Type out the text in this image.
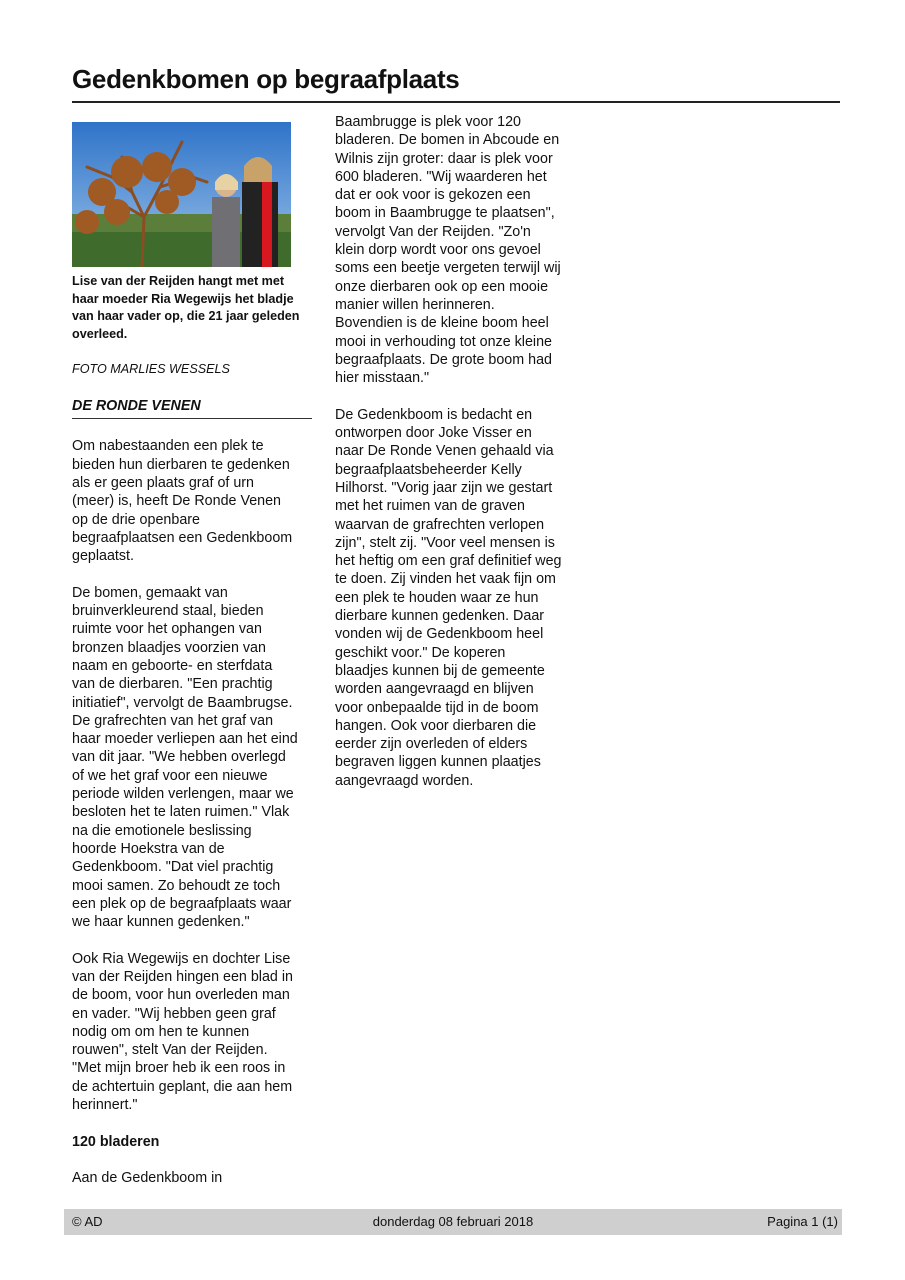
Gedenkbomen op begraafplaats

Lise van der Reijden hangt met met
haar moeder Ria Wegewijs het bladje
van haar vader op, die 21 jaar geleden
overleed.

FOTO MARLIES WESSELS

DE RONDE VENEN

Om nabestaanden een plek te
bieden hun dierbaren te gedenken
als er geen plaats graf of urn
(meer) is, heeft De Ronde Venen
op de drie openbare
begraafplaatsen een Gedenkboom
geplaatst.

De bomen, gemaakt van
bruinverkleurend staal, bieden
ruimte voor het ophangen van
bronzen blaadjes voorzien van
naam en geboorte- en sterfdata
van de dierbaren. "Een prachtig
initiatief", vervolgt de Baambrugse.
De grafrechten van het graf van
haar moeder verliepen aan het eind
van dit jaar. "We hebben overlegd
of we het graf voor een nieuwe
periode wilden verlengen, maar we
besloten het te laten ruimen." Vlak
na die emotionele beslissing
hoorde Hoekstra van de
Gedenkboom. "Dat viel prachtig
mooi samen. Zo behoudt ze toch
een plek op de begraafplaats waar
we haar kunnen gedenken."

Ook Ria Wegewijs en dochter Lise
van der Reijden hingen een blad in
de boom, voor hun overleden man
en vader. "Wij hebben geen graf
nodig om om hen te kunnen
rouwen", stelt Van der Reijden.
"Met mijn broer heb ik een roos in
de achtertuin geplant, die aan hem
herinnert."

120 bladeren

Aan de Gedenkboom in

Baambrugge is plek voor 120
bladeren. De bomen in Abcoude en
Wilnis zijn groter: daar is plek voor
600 bladeren. "Wij waarderen het
dat er ook voor is gekozen een
boom in Baambrugge te plaatsen",
vervolgt Van der Reijden. "Zo'n
klein dorp wordt voor ons gevoel
soms een beetje vergeten terwijl wij
onze dierbaren ook op een mooie
manier willen herinneren.
Bovendien is de kleine boom heel
mooi in verhouding tot onze kleine
begraafplaats. De grote boom had
hier misstaan."

De Gedenkboom is bedacht en
ontworpen door Joke Visser en
naar De Ronde Venen gehaald via
begraafplaatsbeheerder Kelly
Hilhorst. "Vorig jaar zijn we gestart
met het ruimen van de graven
waarvan de grafrechten verlopen
zijn", stelt zij. "Voor veel mensen is
het heftig om een graf definitief weg
te doen. Zij vinden het vaak fijn om
een plek te houden waar ze hun
dierbare kunnen gedenken. Daar
vonden wij de Gedenkboom heel
geschikt voor." De koperen
blaadjes kunnen bij de gemeente
worden aangevraagd en blijven
voor onbepaalde tijd in de boom
hangen. Ook voor dierbaren die
eerder zijn overleden of elders
begraven liggen kunnen plaatjes
aangevraagd worden.

donderdag 08 februari 2018
© AD	Pagina 1 (1)
